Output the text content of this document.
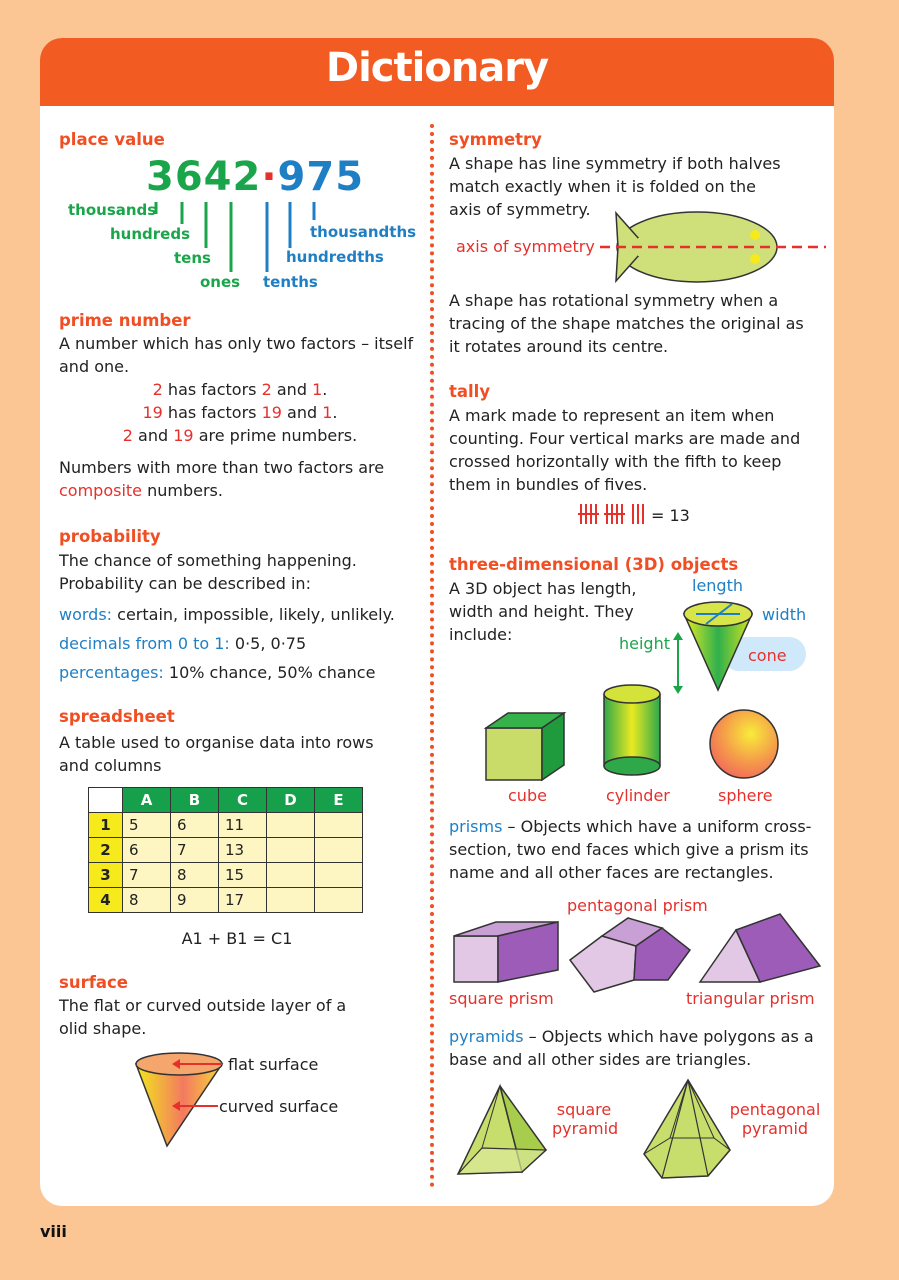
Dictionary
place value
3642·975
thousands
hundreds
tens
ones tenths
hundredths
thousandths
prime number
A number which has only two factors – itself and one.
2 has factors 2 and 1.
19 has factors 19 and 1.
2 and 19 are prime numbers.
Numbers with more than two factors are
composite numbers.
probability
The chance of something happening. Probability can be described in:
words: certain, impossible, likely, unlikely.
decimals from 0 to 1: 0·5, 0·75
percentages: 10% chance, 50% chance
spreadsheet
A table used to organise data into rows and columns
	A	B	C	D	E
1	5	6	11		
2	6	7	13		
3	7	8	15		
4	8	9	17		
A1 + B1 = C1
surface
The flat or curved outside layer of a olid shape.
flat surface
curved surface
symmetry
A shape has line symmetry if both halves match exactly when it is folded on the axis of symmetry.
axis of symmetry
A shape has rotational symmetry when a tracing of the shape matches the original as it rotates around its centre.
tally
A mark made to represent an item when counting. Four vertical marks are made and crossed horizontally with the fifth to keep them in bundles of fives.
= 13
three-dimensional (3D) objects
A 3D object has length, width and height. They include:
length
width
height
cone
cube	cylinder	sphere
prisms – Objects which have a uniform cross-section, two end faces which give a prism its name and all other faces are rectangles.
pentagonal prism
square prism	triangular prism
pyramids – Objects which have polygons as a base and all other sides are triangles.
square
pyramid
pentagonal
pyramid
viii
